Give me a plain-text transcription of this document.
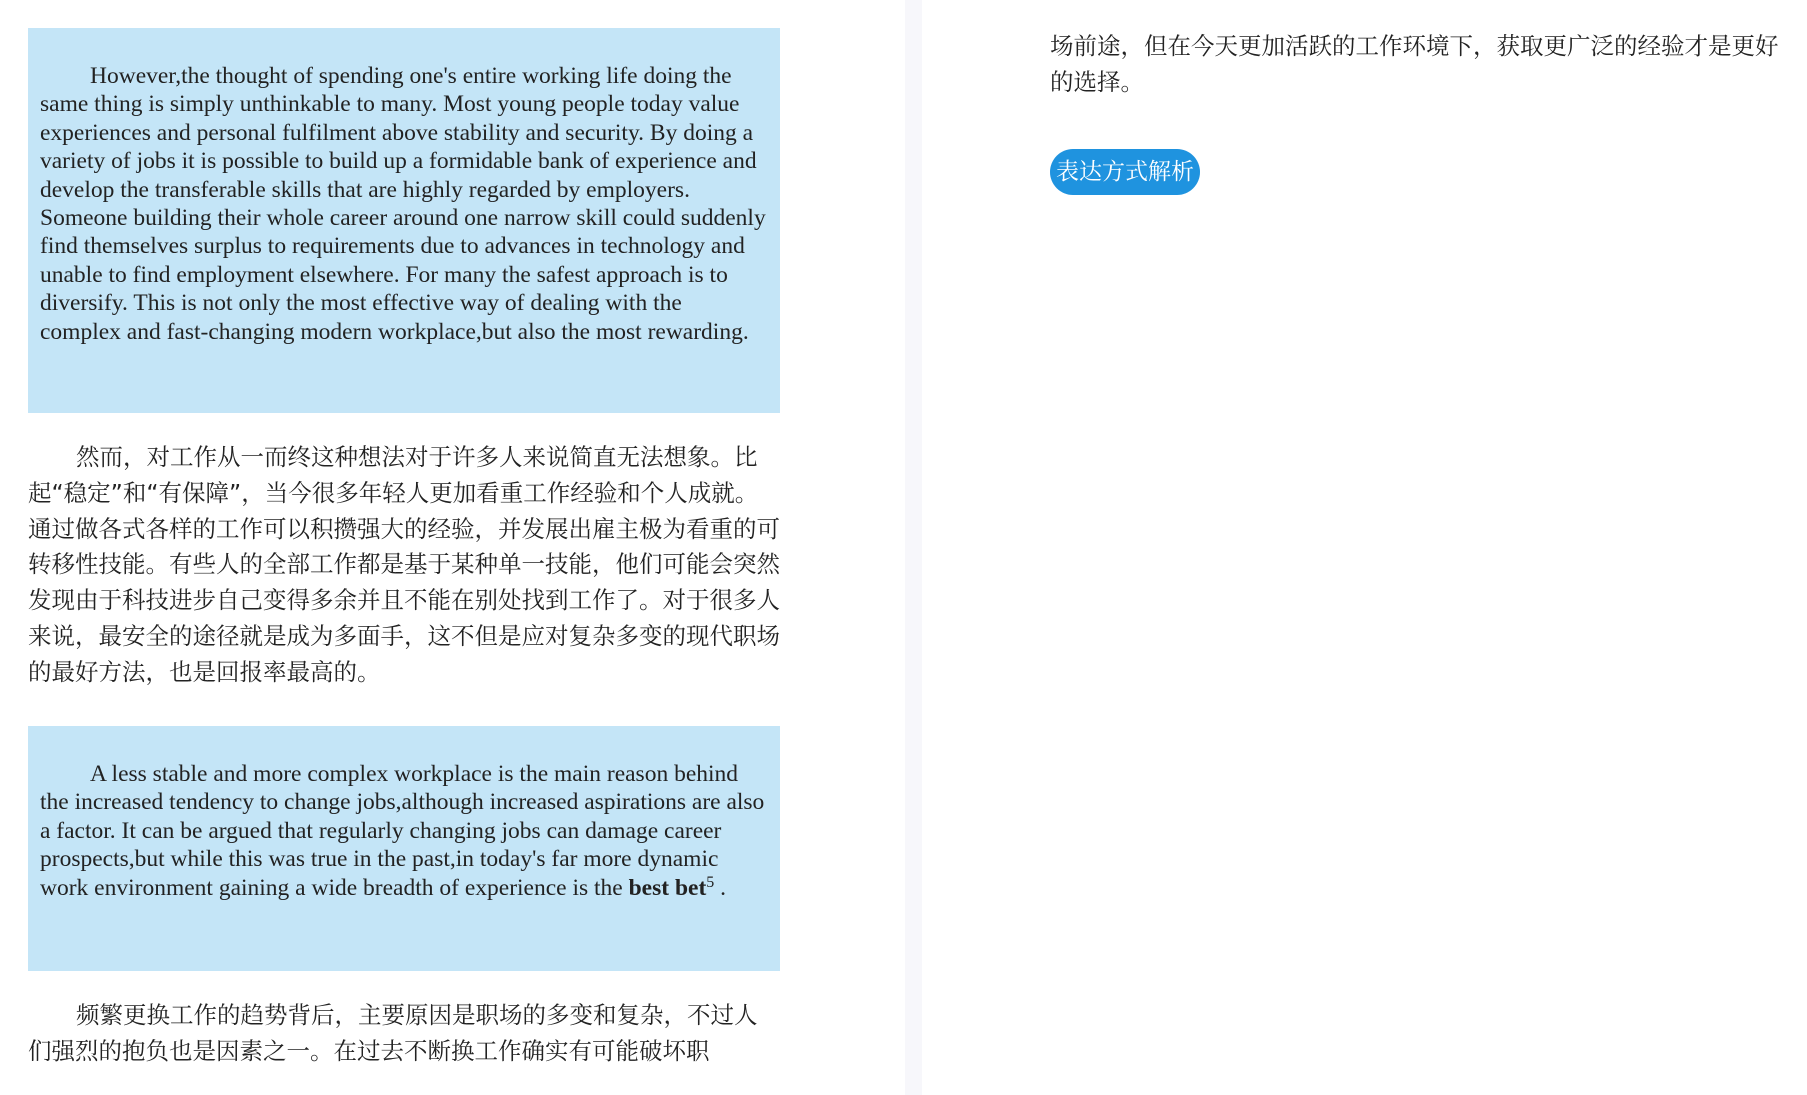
However,the thought of spending one's entire working life doing the same thing is simply unthinkable to many. Most young people today value experiences and personal fulfilment above stability and security. By doing a variety of jobs it is possible to build up a formidable bank of experience and develop the transferable skills that are highly regarded by employers. Someone building their whole career around one narrow skill could suddenly find themselves surplus to requirements due to advances in technology and unable to find employment elsewhere. For many the safest approach is to diversify. This is not only the most effective way of dealing with the complex and fast-changing modern workplace,but also the most rewarding.

然而，对工作从一而终这种想法对于许多人来说简直无法想象。比起“稳定”和“有保障”，当今很多年轻人更加看重工作经验和个人成就。通过做各式各样的工作可以积攒强大的经验，并发展出雇主极为看重的可转移性技能。有些人的全部工作都是基于某种单一技能，他们可能会突然发现由于科技进步自己变得多余并且不能在别处找到工作了。对于很多人来说，最安全的途径就是成为多面手，这不但是应对复杂多变的现代职场的最好方法，也是回报率最高的。

A less stable and more complex workplace is the main reason behind the increased tendency to change jobs,although increased aspirations are also a factor. It can be argued that regularly changing jobs can damage career prospects,but while this was true in the past,in today's far more dynamic work environment gaining a wide breadth of experience is the best bet$^5$ .

频繁更换工作的趋势背后，主要原因是职场的多变和复杂，不过人们强烈的抱负也是因素之一。在过去不断换工作确实有可能破坏职

场前途，但在今天更加活跃的工作环境下，获取更广泛的经验才是更好的选择。

表达方式解析
